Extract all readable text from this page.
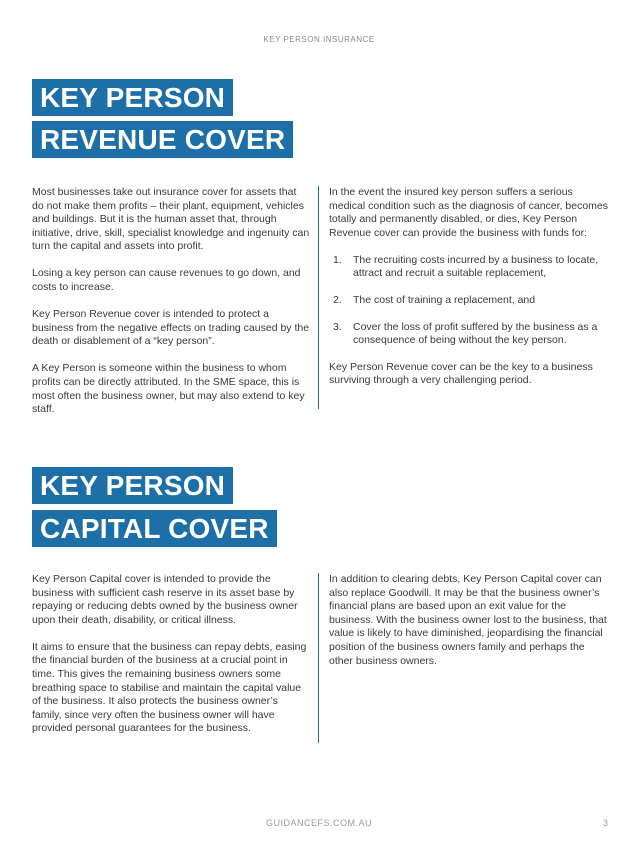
KEY PERSON INSURANCE
KEY PERSON
REVENUE COVER

Most businesses take out insurance cover for assets that do not make them profits – their plant, equipment, vehicles and buildings. But it is the human asset that, through initiative, drive, skill, specialist knowledge and ingenuity can turn the capital and assets into profit.

Losing a key person can cause revenues to go down, and costs to increase.

Key Person Revenue cover is intended to protect a business from the negative effects on trading caused by the death or disablement of a “key person”.

A Key Person is someone within the business to whom profits can be directly attributed. In the SME space, this is most often the business owner, but may also extend to key staff.

In the event the insured key person suffers a serious medical condition such as the diagnosis of cancer, becomes totally and permanently disabled, or dies, Key Person Revenue cover can provide the business with funds for:

1. The recruiting costs incurred by a business to locate, attract and recruit a suitable replacement,
2. The cost of training a replacement, and
3. Cover the loss of profit suffered by the business as a consequence of being without the key person.

Key Person Revenue cover can be the key to a business surviving through a very challenging period.

KEY PERSON
CAPITAL COVER

Key Person Capital cover is intended to provide the business with sufficient cash reserve in its asset base by repaying or reducing debts owned by the business owner upon their death, disability, or critical illness.

It aims to ensure that the business can repay debts, easing the financial burden of the business at a crucial point in time. This gives the remaining business owners some breathing space to stabilise and maintain the capital value of the business. It also protects the business owner’s family, since very often the business owner will have provided personal guarantees for the business.

In addition to clearing debts, Key Person Capital cover can also replace Goodwill. It may be that the business owner’s financial plans are based upon an exit value for the business. With the business owner lost to the business, that value is likely to have diminished, jeopardising the financial position of the business owners family and perhaps the other business owners.

GUIDANCEFS.COM.AU	3
